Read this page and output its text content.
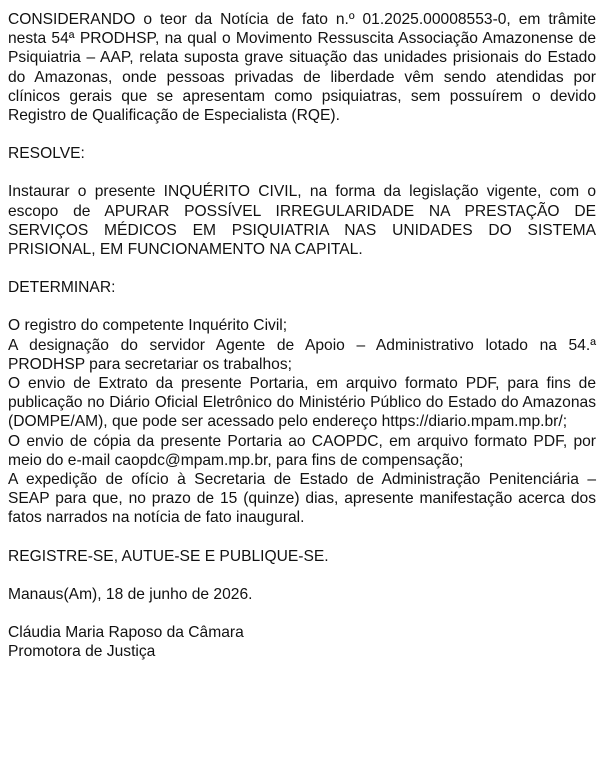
CONSIDERANDO o teor da Notícia de fato n.º 01.2025.00008553-0, em trâmite nesta 54ª PRODHSP, na qual o Movimento Ressuscita Associação Amazonense de Psiquiatria – AAP, relata suposta grave situação das unidades prisionais do Estado do Amazonas, onde pessoas privadas de liberdade vêm sendo atendidas por clínicos gerais que se apresentam como psiquiatras, sem possuírem o devido Registro de Qualificação de Especialista (RQE).

RESOLVE:

Instaurar o presente INQUÉRITO CIVIL, na forma da legislação vigente, com o escopo de APURAR POSSÍVEL IRREGULARIDADE NA PRESTAÇÃO DE SERVIÇOS MÉDICOS EM PSIQUIATRIA NAS UNIDADES DO SISTEMA PRISIONAL, EM FUNCIONAMENTO NA CAPITAL.

DETERMINAR:

O registro do competente Inquérito Civil;

A designação do servidor Agente de Apoio – Administrativo lotado na 54.ª PRODHSP para secretariar os trabalhos;

O envio de Extrato da presente Portaria, em arquivo formato PDF, para fins de publicação no Diário Oficial Eletrônico do Ministério Público do Estado do Amazonas (DOMPE/AM), que pode ser acessado pelo endereço https://diario.mpam.mp.br/;

O envio de cópia da presente Portaria ao CAOPDC, em arquivo formato PDF, por meio do e-mail caopdc@mpam.mp.br, para fins de compensação;

A expedição de ofício à Secretaria de Estado de Administração Penitenciária – SEAP para que, no prazo de 15 (quinze) dias, apresente manifestação acerca dos fatos narrados na notícia de fato inaugural.

REGISTRE-SE, AUTUE-SE E PUBLIQUE-SE.

Manaus(Am), 18 de junho de 2026.

Cláudia Maria Raposo da Câmara

Promotora de Justiça
